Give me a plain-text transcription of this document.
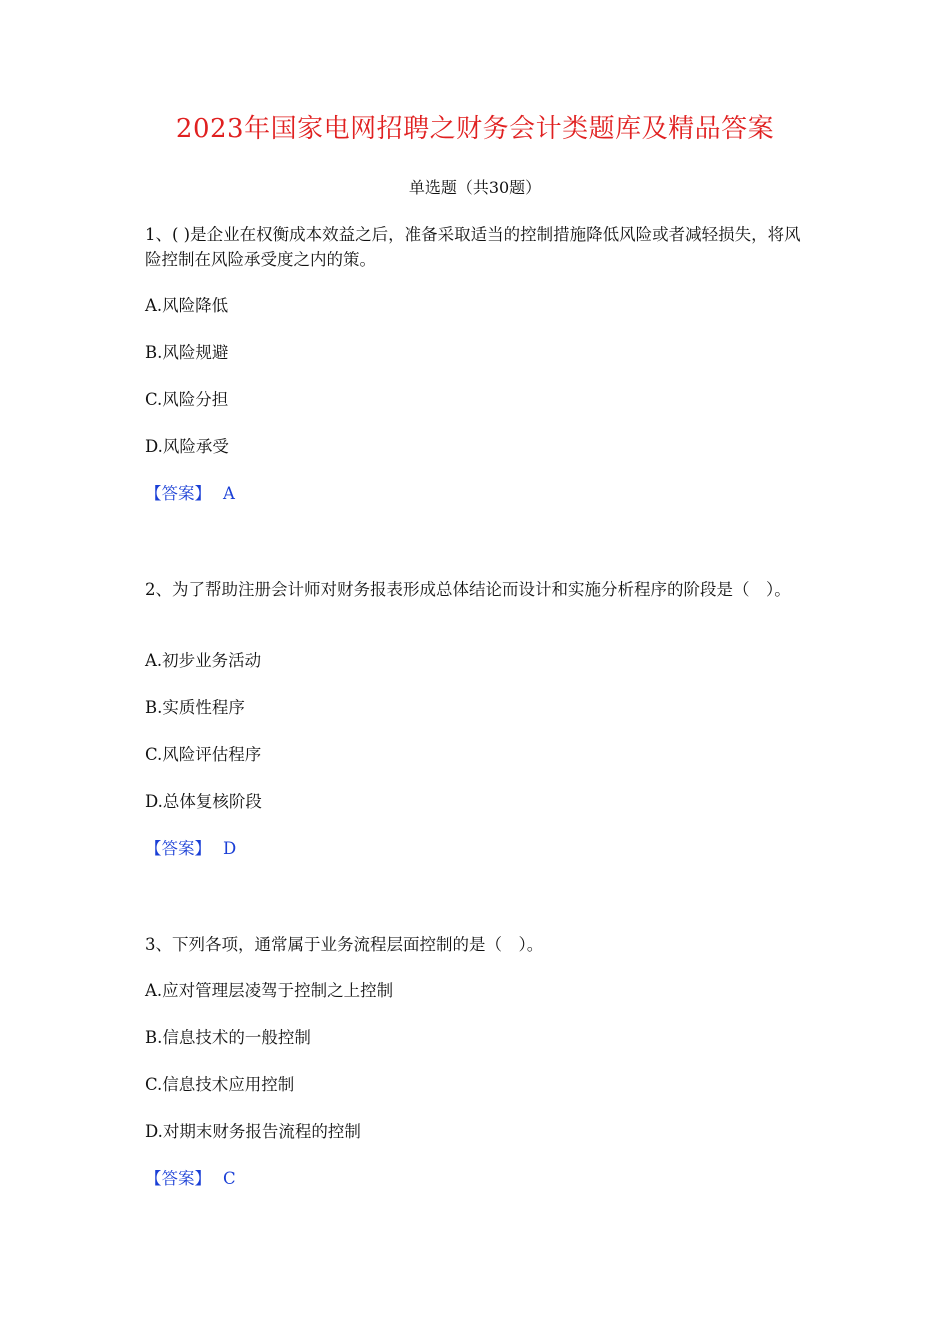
2023年国家电网招聘之财务会计类题库及精品答案

单选题（共30题）

1、( )是企业在权衡成本效益之后，准备采取适当的控制措施降低风险或者减轻损失，将风险控制在风险承受度之内的策。

A.风险降低

B.风险规避

C.风险分担

D.风险承受

【答案】 A

2、为了帮助注册会计师对财务报表形成总体结论而设计和实施分析程序的阶段是（　）。

A.初步业务活动

B.实质性程序

C.风险评估程序

D.总体复核阶段

【答案】 D

3、下列各项，通常属于业务流程层面控制的是（　）。

A.应对管理层凌驾于控制之上控制

B.信息技术的一般控制

C.信息技术应用控制

D.对期末财务报告流程的控制

【答案】 C
